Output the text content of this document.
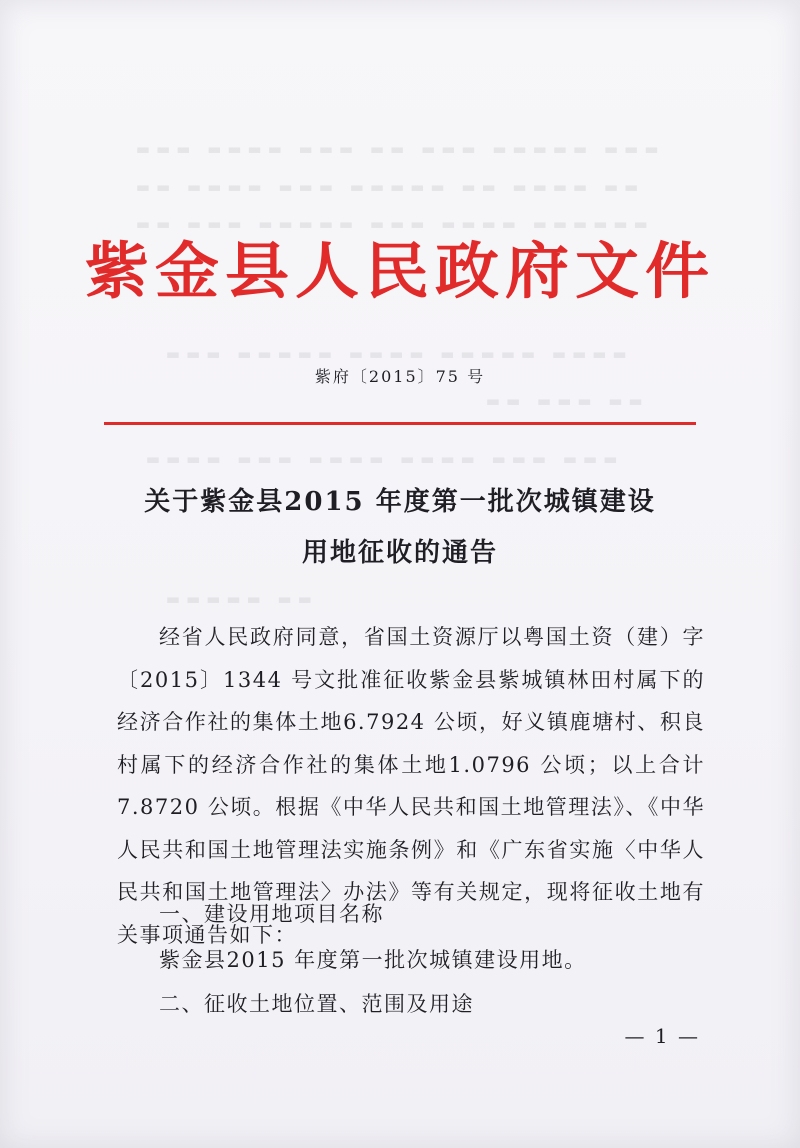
▬▬▬ ▬▬▬▬▬ ▬▬▬ ▬▬ ▬▬▬ ▬▬▬▬ ▬▬▬
▬▬ ▬▬▬▬ ▬▬ ▬▬▬▬▬ ▬▬▬ ▬▬▬▬ ▬▬
▬▬▬▬▬▬ ▬▬▬▬ ▬▬▬ ▬▬▬▬▬ ▬▬▬ ▬▬
▬▬▬▬ ▬▬▬▬▬ ▬▬▬▬ ▬▬▬▬▬ ▬▬▬
▬▬ ▬▬▬ ▬▬
▬▬▬ ▬▬▬ ▬▬▬▬ ▬▬▬▬ ▬▬▬ ▬▬▬▬
▬▬ ▬▬▬▬▬
紫金县人民政府文件
紫府〔2015〕75 号
关于紫金县2015 年度第一批次城镇建设
用地征收的通告
经省人民政府同意，省国土资源厅以粤国土资（建）字〔2015〕1344 号文批准征收紫金县紫城镇林田村属下的经济合作社的集体土地6.7924 公顷，好义镇鹿塘村、积良村属下的经济合作社的集体土地1.0796 公顷；以上合计7.8720 公顷。根据《中华人民共和国土地管理法》、《中华人民共和国土地管理法实施条例》和《广东省实施〈中华人民共和国土地管理法〉办法》等有关规定，现将征收土地有关事项通告如下：
一、建设用地项目名称
紫金县2015 年度第一批次城镇建设用地。
二、征收土地位置、范围及用途
— 1 —
